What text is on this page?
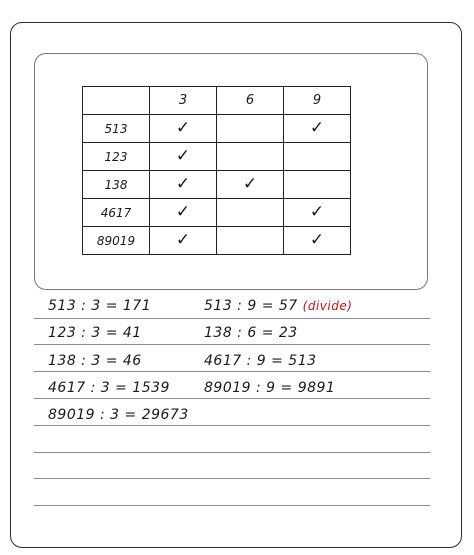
	3	6	9
513	✓		✓
123	✓		
138	✓	✓	
4617	✓		✓
89019	✓		✓
513 : 3 = 171
123 : 3 = 41
138 : 3 = 46
4617 : 3 = 1539
89019 : 3 = 29673
513 : 9 = 57 (divide)
138 : 6 = 23
4617 : 9 = 513
89019 : 9 = 9891
